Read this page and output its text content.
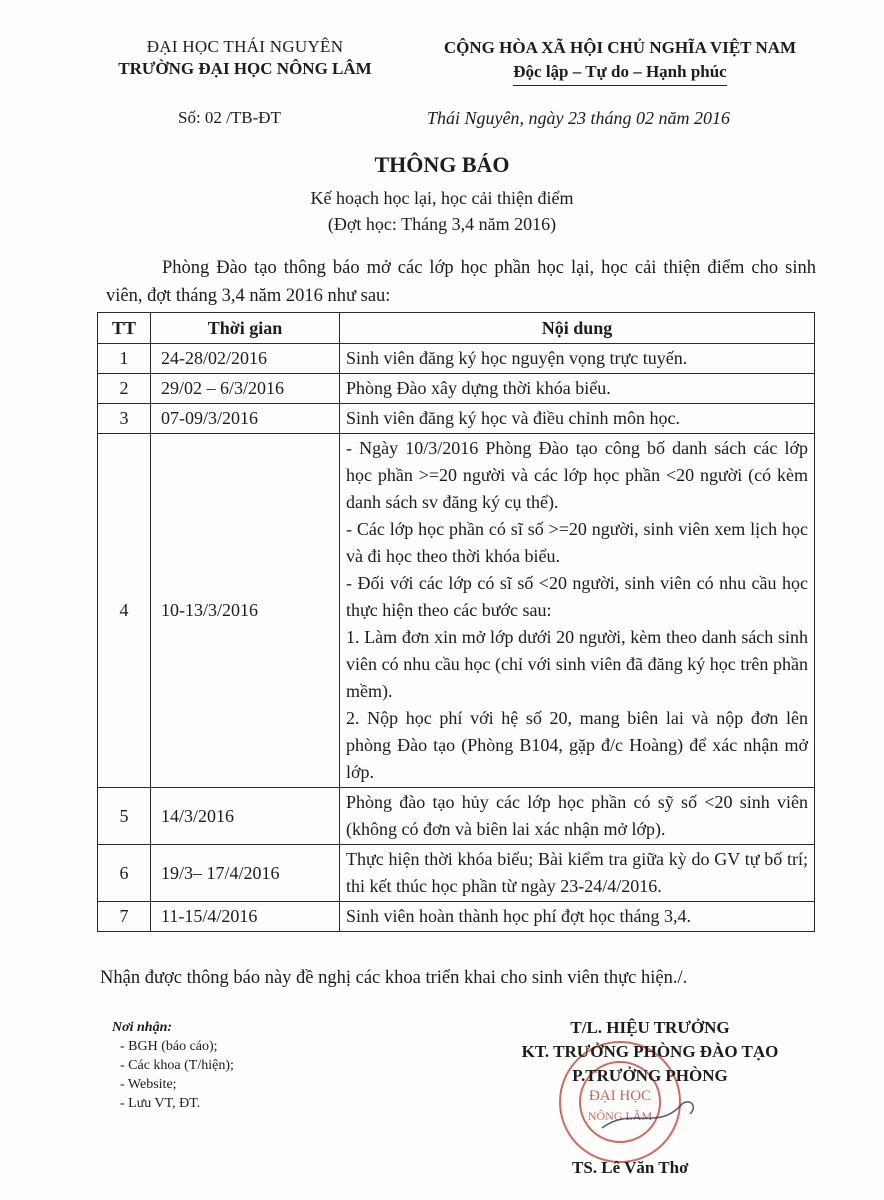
ĐẠI HỌC THÁI NGUYÊN
TRƯỜNG ĐẠI HỌC NÔNG LÂM
CỘNG HÒA XÃ HỘI CHỦ NGHĨA VIỆT NAM
Độc lập – Tự do – Hạnh phúc
Số: 02 /TB-ĐT	Thái Nguyên, ngày 23 tháng 02 năm 2016
THÔNG BÁO
Kế hoạch học lại, học cải thiện điểm
(Đợt học: Tháng 3,4 năm 2016)
Phòng Đào tạo thông báo mở các lớp học phần học lại, học cải thiện điểm cho sinh viên, đợt tháng 3,4 năm 2016 như sau:
TT	Thời gian	Nội dung
1	24-28/02/2016	Sinh viên đăng ký học nguyện vọng trực tuyến.

2	29/02 – 6/3/2016	Phòng Đào xây dựng thời khóa biểu.

3	07-09/3/2016	Sinh viên đăng ký học và điều chỉnh môn học.

4	10-13/3/2016	- Ngày 10/3/2016 Phòng Đào tạo công bố danh sách các lớp học phần >=20 người và các lớp học phần <20 người (có kèm danh sách sv đăng ký cụ thể).
- Các lớp học phần có sĩ số >=20 người, sinh viên xem lịch học và đi học theo thời khóa biểu.
- Đối với các lớp có sĩ số <20 người, sinh viên có nhu cầu học thực hiện theo các bước sau:
1. Làm đơn xin mở lớp dưới 20 người, kèm theo danh sách sinh viên có nhu cầu học (chỉ với sinh viên đã đăng ký học trên phần mềm).
2. Nộp học phí với hệ số 20, mang biên lai và nộp đơn lên phòng Đào tạo (Phòng B104, gặp đ/c Hoàng) để xác nhận mở lớp.

5	14/3/2016	Phòng đào tạo hủy các lớp học phần có sỹ số <20 sinh viên (không có đơn và biên lai xác nhận mở lớp).

6	19/3– 17/4/2016	Thực hiện thời khóa biểu; Bài kiểm tra giữa kỳ do GV tự bố trí; thi kết thúc học phần từ ngày 23-24/4/2016.

7	11-15/4/2016	Sinh viên hoàn thành học phí đợt học tháng 3,4.
Nhận được thông báo này đề nghị các khoa triển khai cho sinh viên thực hiện./.
Nơi nhận:
- BGH (báo cáo);
- Các khoa (T/hiện);
- Website;
- Lưu VT, ĐT.	ĐẠI HỌC
NÔNG LÂM
T/L. HIỆU TRƯỞNG
KT. TRƯỞNG PHÒNG ĐÀO TẠO
P.TRƯỞNG PHÒNG
TS. Lê Văn Thơ
